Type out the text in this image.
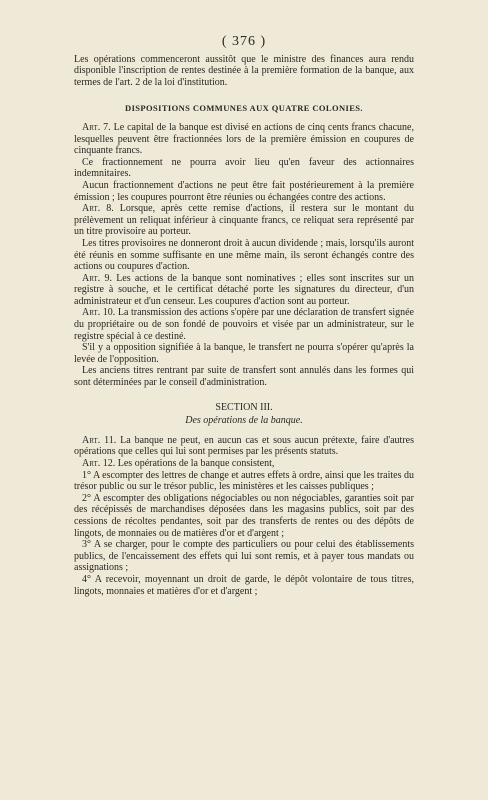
( 376 )

Les opérations commenceront aussitôt que le ministre des finances aura rendu disponible l'inscription de rentes destinée à la première formation de la banque, aux termes de l'art. 2 de la loi d'institution.

DISPOSITIONS COMMUNES AUX QUATRE COLONIES.

Art. 7. Le capital de la banque est divisé en actions de cinq cents francs chacune, lesquelles peuvent être fractionnées lors de la première émission en coupures de cinquante francs.

Ce fractionnement ne pourra avoir lieu qu'en faveur des actionnaires indemnitaires.

Aucun fractionnement d'actions ne peut être fait postérieurement à la première émission ; les coupures pourront être réunies ou échangées contre des actions.

Art. 8. Lorsque, après cette remise d'actions, il restera sur le montant du prélèvement un reliquat inférieur à cinquante francs, ce reliquat sera représenté par un titre provisoire au porteur.

Les titres provisoires ne donneront droit à aucun dividende ; mais, lorsqu'ils auront été réunis en somme suffisante en une même main, ils seront échangés contre des actions ou coupures d'action.

Art. 9. Les actions de la banque sont nominatives ; elles sont inscrites sur un registre à souche, et le certificat détaché porte les signatures du directeur, d'un administrateur et d'un censeur. Les coupures d'action sont au porteur.

Art. 10. La transmission des actions s'opère par une déclaration de transfert signée du propriétaire ou de son fondé de pouvoirs et visée par un administrateur, sur le registre spécial à ce destiné.

S'il y a opposition signifiée à la banque, le transfert ne pourra s'opérer qu'après la levée de l'opposition.

Les anciens titres rentrant par suite de transfert sont annulés dans les formes qui sont déterminées par le conseil d'administration.

SECTION III.
Des opérations de la banque.

Art. 11. La banque ne peut, en aucun cas et sous aucun prétexte, faire d'autres opérations que celles qui lui sont permises par les présents statuts.

Art. 12. Les opérations de la banque consistent,

1° A escompter des lettres de change et autres effets à ordre, ainsi que les traites du trésor public ou sur le trésor public, les ministères et les caisses publiques ;

2° A escompter des obligations négociables ou non négociables, garanties soit par des récépissés de marchandises déposées dans les magasins publics, soit par des cessions de récoltes pendantes, soit par des transferts de rentes ou des dépôts de lingots, de monnaies ou de matières d'or et d'argent ;

3° A se charger, pour le compte des particuliers ou pour celui des établissements publics, de l'encaissement des effets qui lui sont remis, et à payer tous mandats ou assignations ;

4° A recevoir, moyennant un droit de garde, le dépôt volontaire de tous titres, lingots, monnaies et matières d'or et d'argent ;
